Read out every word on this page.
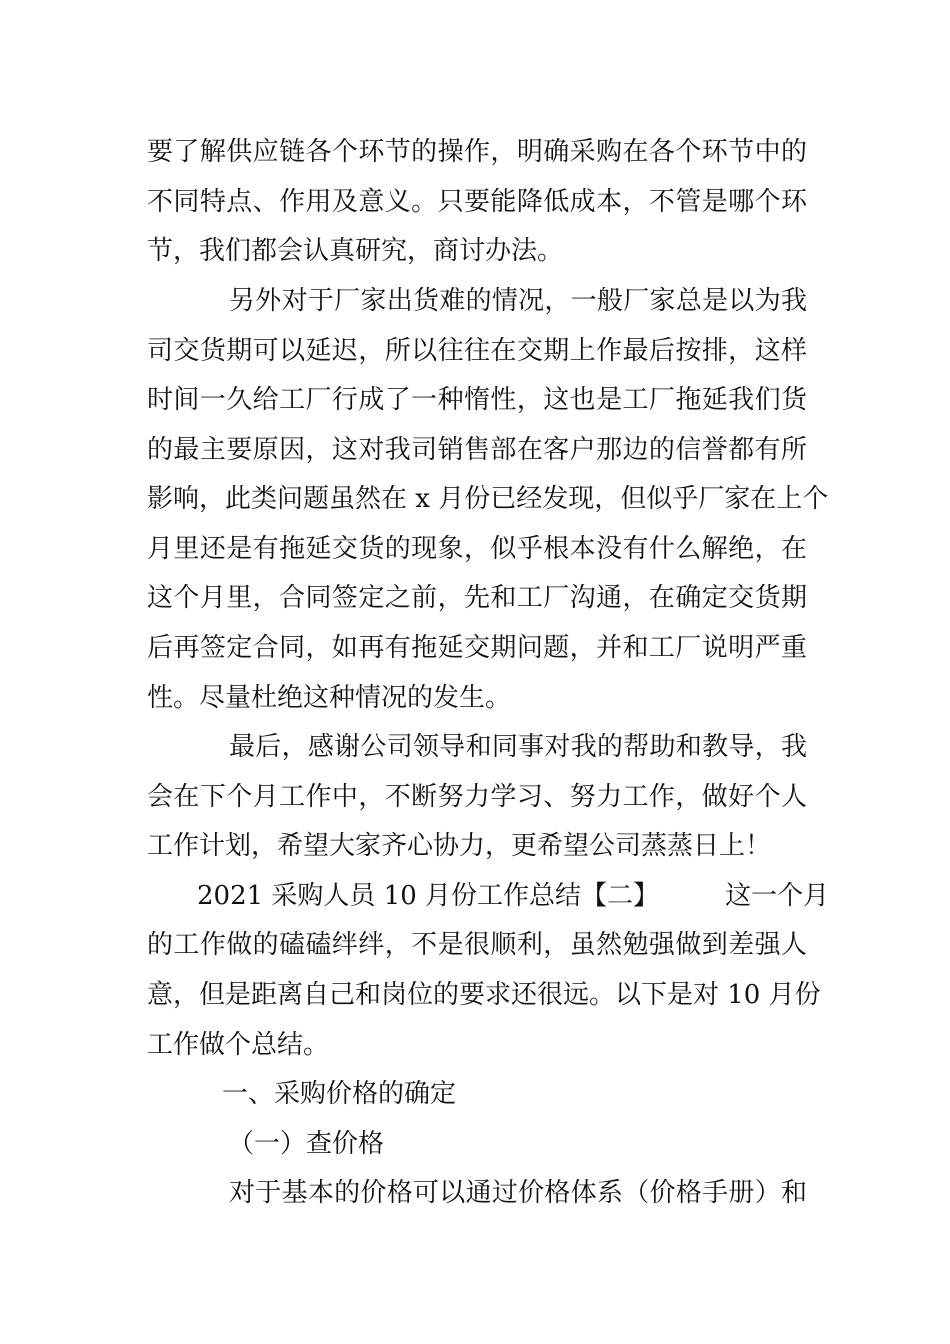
要了解供应链各个环节的操作，明确采购在各个环节中的
不同特点、作用及意义。只要能降低成本，不管是哪个环
节，我们都会认真研究，商讨办法。
另外对于厂家出货难的情况，一般厂家总是以为我
司交货期可以延迟，所以往往在交期上作最后按排，这样
时间一久给工厂行成了一种惰性，这也是工厂拖延我们货
的最主要原因，这对我司销售部在客户那边的信誉都有所
影响，此类问题虽然在 x 月份已经发现，但似乎厂家在上个
月里还是有拖延交货的现象，似乎根本没有什么解绝，在
这个月里，合同签定之前，先和工厂沟通，在确定交货期
后再签定合同，如再有拖延交期问题，并和工厂说明严重
性。尽量杜绝这种情况的发生。
最后，感谢公司领导和同事对我的帮助和教导，我
会在下个月工作中，不断努力学习、努力工作，做好个人
工作计划，希望大家齐心协力，更希望公司蒸蒸日上！
2021 采购人员 10 月份工作总结【二】        这一个月
的工作做的磕磕绊绊，不是很顺利，虽然勉强做到差强人
意，但是距离自己和岗位的要求还很远。以下是对 10 月份
工作做个总结。
一、采购价格的确定
（一）查价格
对于基本的价格可以通过价格体系（价格手册）和
